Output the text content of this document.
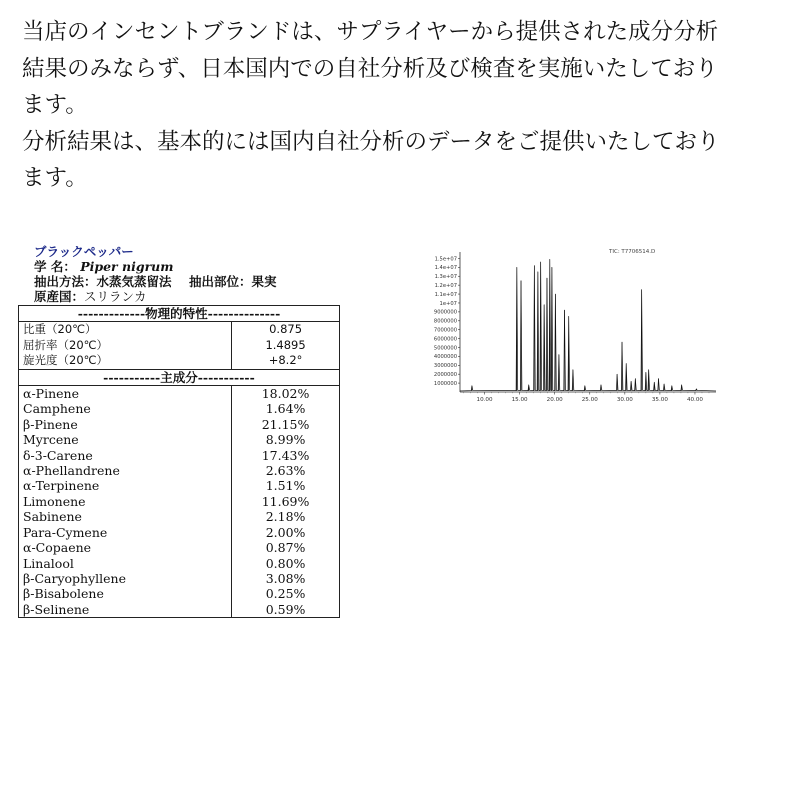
当店のインセントブランドは、サプライヤーから提供された成分分析

結果のみならず、日本国内での自社分析及び検査を実施いたしており

ます。

分析結果は、基本的には国内自社分析のデータをご提供いたしており

ます。

ブラックペッパー
学 名： Piper nigrum
抽出方法：水蒸気蒸留法 抽出部位：果実
原産国：スリランカ
-------------物理的特性--------------	
比重（20℃）	0.875
屈折率（20℃）	1.4895
旋光度（20℃）	+8.2°
-----------主成分-----------	
α-Pinene	18.02%
Camphene	1.64%
β-Pinene	21.15%
Myrcene	8.99%
δ-3-Carene	17.43%
α-Phellandrene	2.63%
α-Terpinene	1.51%
Limonene	11.69%
Sabinene	2.18%
Para-Cymene	2.00%
α-Copaene	0.87%
Linalool	0.80%
β-Caryophyllene	3.08%
β-Bisabolene	0.25%
β-Selinene	0.59%
TIC: T7706514.D
1.5e+07
1.4e+07
1.3e+07
1.2e+07
1.1e+07
1e+07
9000000
8000000
7000000
6000000
5000000
4000000
3000000
2000000
1000000
10.00	15.00	20.00	25.00	30.00	35.00	40.00
